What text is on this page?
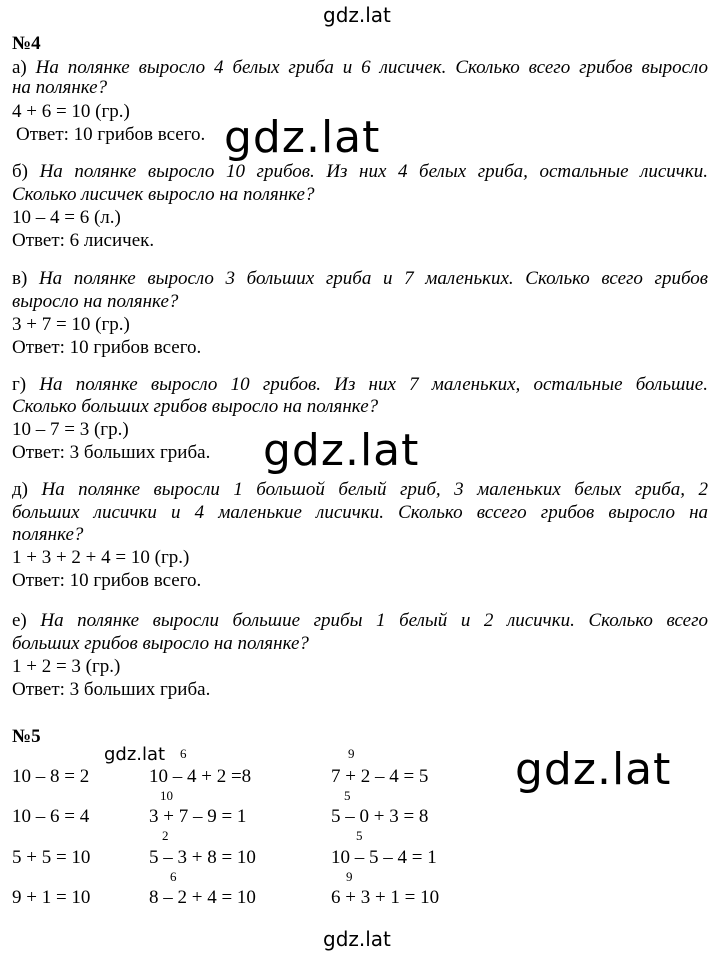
gdz.lat
gdz.lat
gdz.lat
gdz.lat
gdz.lat
gdz.lat
№4
а) На полянке выросло 4 белых гриба и 6 лисичек. Сколько всего грибов выросло
на полянке?
4 + 6 = 10 (гр.)
Ответ: 10 грибов всего.
б) На полянке выросло 10 грибов. Из них 4 белых гриба, остальные лисички.
Сколько лисичек выросло на полянке?
10 – 4 = 6 (л.)
Ответ: 6 лисичек.
в) На полянке выросло 3 больших гриба и 7 маленьких. Сколько всего грибов
выросло на полянке?
3 + 7 = 10 (гр.)
Ответ: 10 грибов всего.
г) На полянке выросло 10 грибов. Из них 7 маленьких, остальные большие.
Сколько больших грибов выросло на полянке?
10 – 7 = 3 (гр.)
Ответ: 3 больших гриба.
д) На полянке выросли 1 большой белый гриб, 3 маленьких белых гриба, 2
больших лисички и 4 маленькие лисички. Сколько вссего грибов выросло на
полянке?
1 + 3 + 2 + 4 = 10 (гр.)
Ответ: 10 грибов всего.
е) На полянке выросли большие грибы 1 белый и 2 лисички. Сколько всего
больших грибов выросло на полянке?
1 + 2 = 3 (гр.)
Ответ: 3 больших гриба.
№5
10 – 8 = 2
10 – 6 = 4
5 + 5 = 10
9 + 1 = 10
6
10 – 4 + 2 =8
10
3 + 7 – 9 = 1
2
5 – 3 + 8 = 10
6
8 – 2 + 4 = 10
9
7 + 2 – 4 = 5
5
5 – 0 + 3 = 8
5
10 – 5 – 4 = 1
9
6 + 3 + 1 = 10
